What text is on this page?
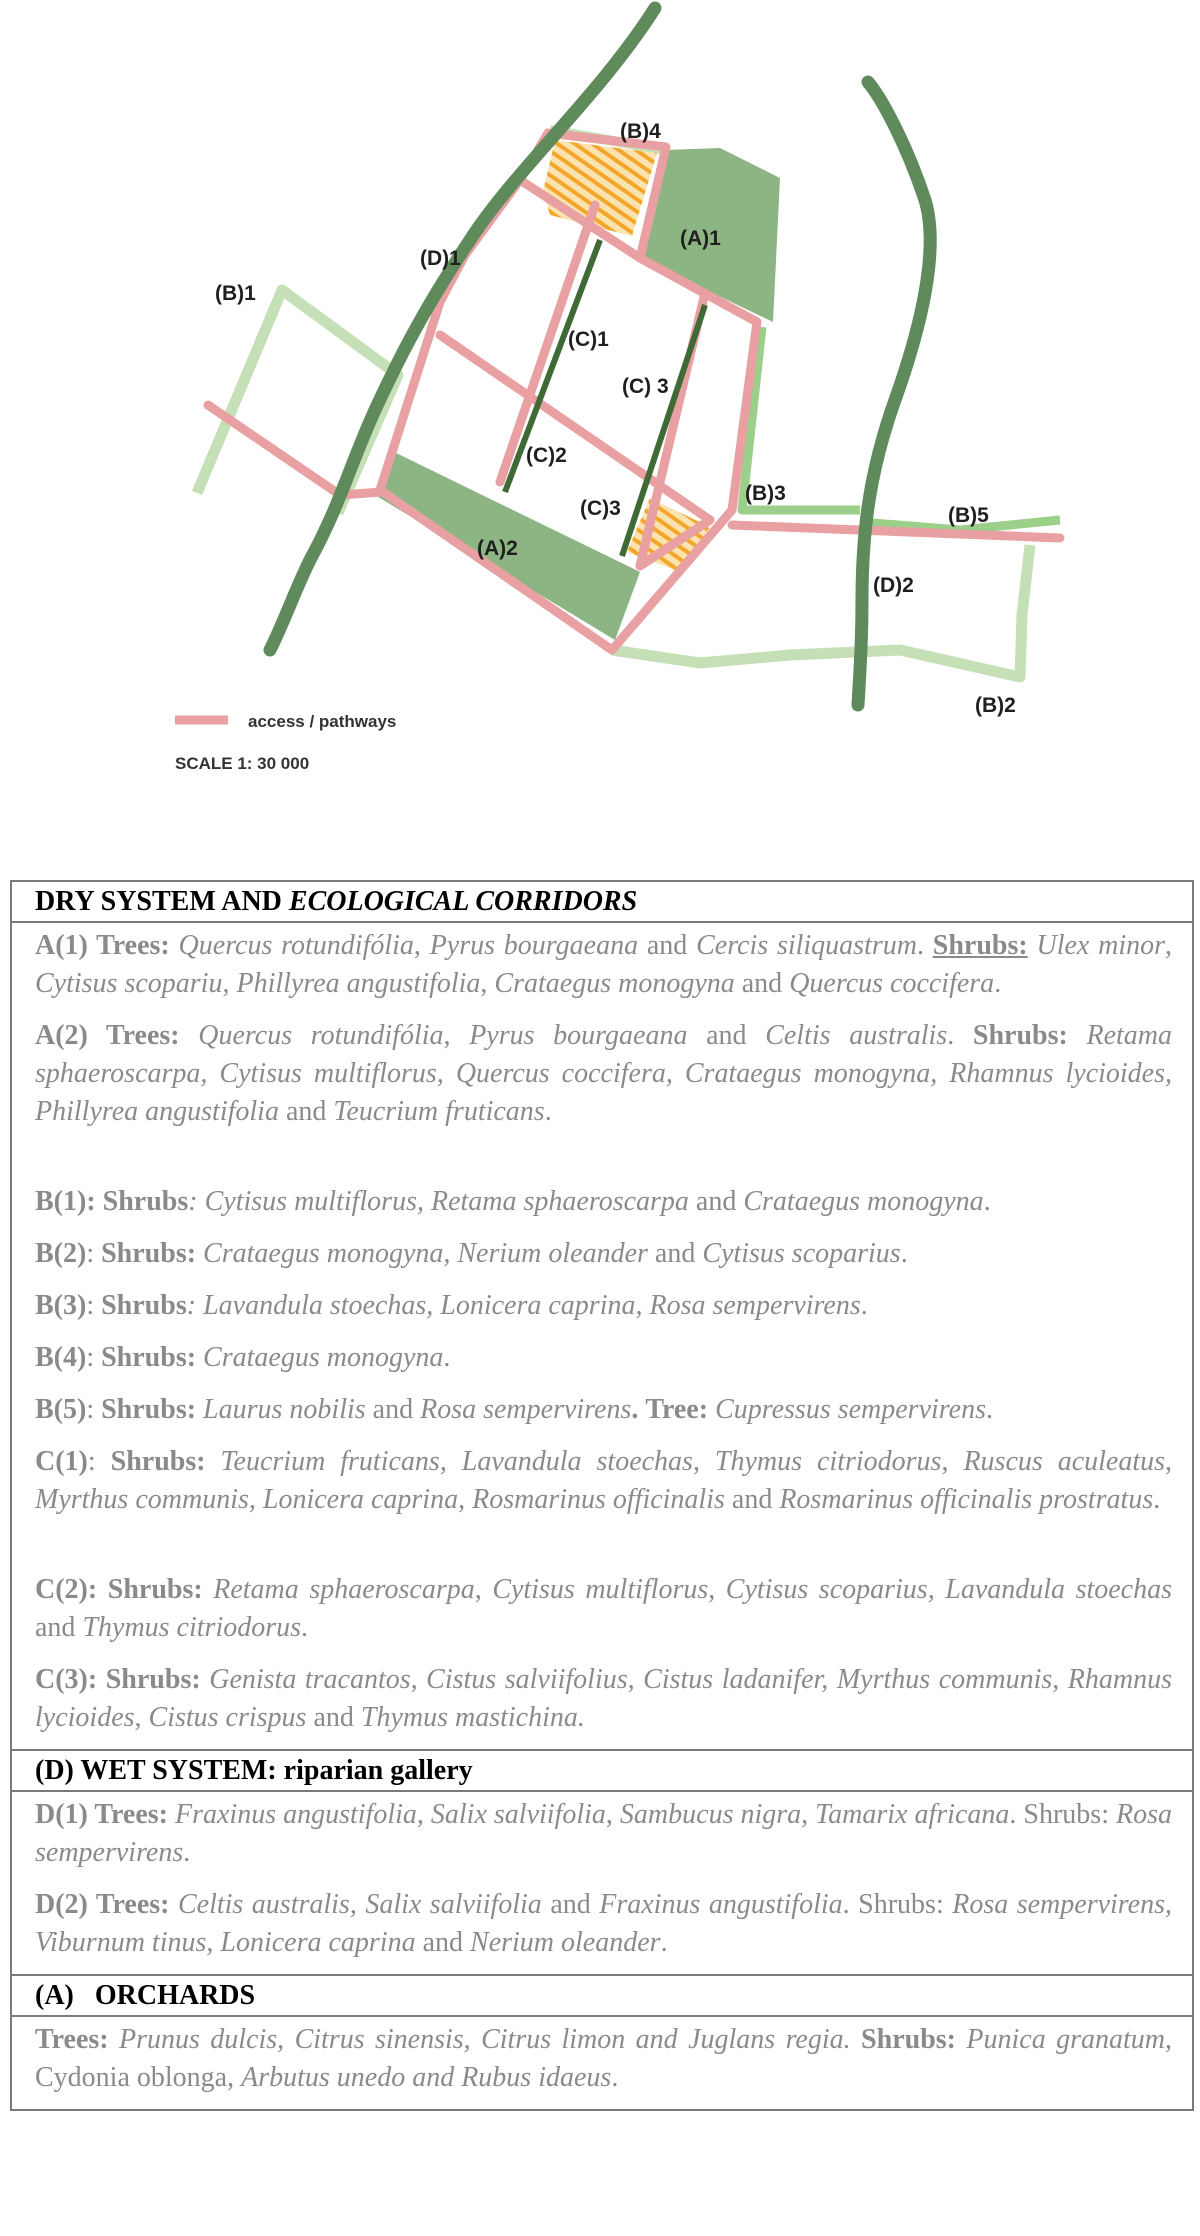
(A)1
(A)2
(B)1
(B)2
(B)3
(B)4
(B)5
(C)1
(C)2
(C) 3
(C)3
(D)1
(D)2
access / pathways
SCALE 1: 30 000
DRY SYSTEM AND ECOLOGICAL CORRIDORS

A(1) Trees: Quercus rotundifólia, Pyrus bourgaeana and Cercis siliquastrum. Shrubs: Ulex minor, Cytisus scopariu, Phillyrea angustifolia, Crataegus monogyna and Quercus coccifera.

A(2) Trees: Quercus rotundifólia, Pyrus bourgaeana and Celtis australis. Shrubs: Retama sphaeroscarpa, Cytisus multiflorus, Quercus coccifera, Crataegus monogyna, Rhamnus lycioides, Phillyrea angustifolia and Teucrium fruticans.

B(1): Shrubs: Cytisus multiflorus, Retama sphaeroscarpa and Crataegus monogyna.

B(2): Shrubs: Crataegus monogyna, Nerium oleander and Cytisus scoparius.

B(3): Shrubs: Lavandula stoechas, Lonicera caprina, Rosa sempervirens.

B(4): Shrubs: Crataegus monogyna.

B(5): Shrubs: Laurus nobilis and Rosa sempervirens. Tree: Cupressus sempervirens.

C(1): Shrubs: Teucrium fruticans, Lavandula stoechas, Thymus citriodorus, Ruscus aculeatus, Myrthus communis, Lonicera caprina, Rosmarinus officinalis and Rosmarinus officinalis prostratus.

C(2): Shrubs: Retama sphaeroscarpa, Cytisus multiflorus, Cytisus scoparius, Lavandula stoechas and Thymus citriodorus.

C(3): Shrubs: Genista tracantos, Cistus salviifolius, Cistus ladanifer, Myrthus communis, Rhamnus lycioides, Cistus crispus and Thymus mastichina.

(D) WET SYSTEM: riparian gallery

D(1) Trees: Fraxinus angustifolia, Salix salviifolia, Sambucus nigra, Tamarix africana. Shrubs: Rosa sempervirens.

D(2) Trees: Celtis australis, Salix salviifolia and Fraxinus angustifolia. Shrubs: Rosa sempervirens, Viburnum tinus, Lonicera caprina and Nerium oleander.

(A)   ORCHARDS

Trees: Prunus dulcis, Citrus sinensis, Citrus limon and Juglans regia. Shrubs: Punica granatum, Cydonia oblonga, Arbutus unedo and Rubus idaeus.
